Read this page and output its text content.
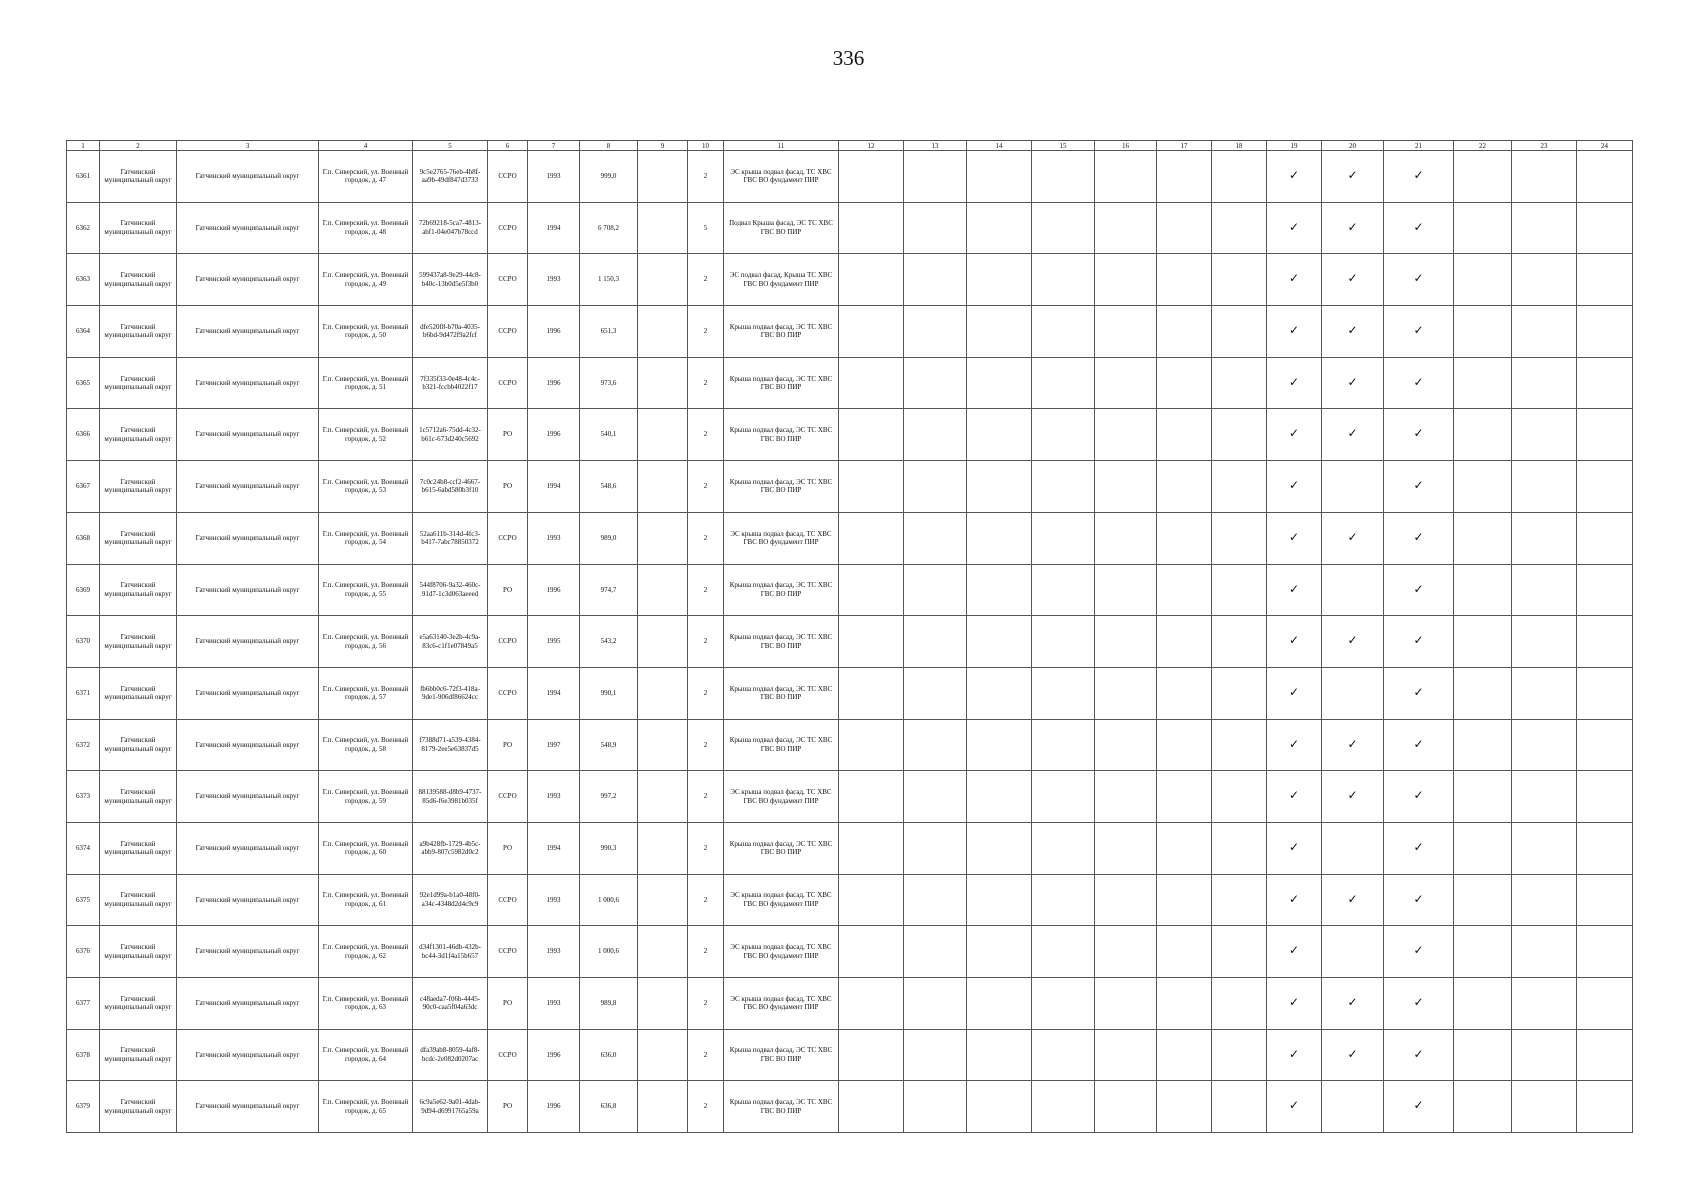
336
1	2	3	4	5	6	7	8	9	10	11	12	13	14	15	16	17	18	19	20	21	22	23	24
6361	Гатчинский муниципальный округ	Гатчинский муниципальный округ	Г.п. Сиверский, ул. Военный городок, д. 47	9c5e2765-76eb-4b8f-aa9b-49df847d3733	ССРО	1993	999,0		2	ЭС крыша подвал фасад, ТС ХВС ГВС ВО фундамент ПИР								✓	✓	✓			
6362	Гатчинский муниципальный округ	Гатчинский муниципальный округ	Г.п. Сиверский, ул. Военный городок, д. 48	72b69218-5ca7-4813-abf1-04e047b78ccd	ССРО	1994	6 708,2		5	Подвал Крыша фасад, ЭС ТС ХВС ГВС ВО ПИР								✓	✓	✓			
6363	Гатчинский муниципальный округ	Гатчинский муниципальный округ	Г.п. Сиверский, ул. Военный городок, д. 49	599437a8-9e29-44c8-b40c-13b0d5e5f3b0	ССРО	1993	1 150,3		2	ЭС подвал фасад, Крыша ТС ХВС ГВС ВО фундамент ПИР								✓	✓	✓			
6364	Гатчинский муниципальный округ	Гатчинский муниципальный округ	Г.п. Сиверский, ул. Военный городок, д. 50	dfe520f8-b70a-4035-b6bd-9d472f9a2fcf	ССРО	1996	651,3		2	Крыша подвал фасад, ЭС ТС ХВС ГВС ВО ПИР								✓	✓	✓			
6365	Гатчинский муниципальный округ	Гатчинский муниципальный округ	Г.п. Сиверский, ул. Военный городок, д. 51	7f335f33-0e48-4c4c-b321-fccbb4022f17	ССРО	1996	973,6		2	Крыша подвал фасад, ЭС ТС ХВС ГВС ВО ПИР								✓	✓	✓			
6366	Гатчинский муниципальный округ	Гатчинский муниципальный округ	Г.п. Сиверский, ул. Военный городок, д. 52	1c5712a6-75dd-4c32-b61c-673d240c5692	РО	1996	540,1		2	Крыша подвал фасад, ЭС ТС ХВС ГВС ВО ПИР								✓	✓	✓			
6367	Гатчинский муниципальный округ	Гатчинский муниципальный округ	Г.п. Сиверский, ул. Военный городок, д. 53	7c0c24b8-ccf2-4667-b615-6abd580b3f10	РО	1994	548,6		2	Крыша подвал фасад, ЭС ТС ХВС ГВС ВО ПИР								✓		✓			
6368	Гатчинский муниципальный округ	Гатчинский муниципальный округ	Г.п. Сиверский, ул. Военный городок, д. 54	52aa611b-314d-4fc3-b417-7abc78850372	ССРО	1993	989,0		2	ЭС крыша подвал фасад, ТС ХВС ГВС ВО фундамент ПИР								✓	✓	✓			
6369	Гатчинский муниципальный округ	Гатчинский муниципальный округ	Г.п. Сиверский, ул. Военный городок, д. 55	544f8706-9a32-460c-91d7-1c3d063aeeed	РО	1996	974,7		2	Крыша подвал фасад, ЭС ТС ХВС ГВС ВО ПИР								✓		✓			
6370	Гатчинский муниципальный округ	Гатчинский муниципальный округ	Г.п. Сиверский, ул. Военный городок, д. 56	e5a63140-3e2b-4c9a-83c6-c1f1e07849a5	ССРО	1995	543,2		2	Крыша подвал фасад, ЭС ТС ХВС ГВС ВО ПИР								✓	✓	✓			
6371	Гатчинский муниципальный округ	Гатчинский муниципальный округ	Г.п. Сиверский, ул. Военный городок, д. 57	fb6bb0c6-72f3-418a-9de1-906df86624cc	ССРО	1994	990,1		2	Крыша подвал фасад, ЭС ТС ХВС ГВС ВО ПИР								✓		✓			
6372	Гатчинский муниципальный округ	Гатчинский муниципальный округ	Г.п. Сиверский, ул. Военный городок, д. 58	f7388d71-a539-4384-8179-2ee5e63837d5	РО	1997	548,9		2	Крыша подвал фасад, ЭС ТС ХВС ГВС ВО ПИР								✓	✓	✓			
6373	Гатчинский муниципальный округ	Гатчинский муниципальный округ	Г.п. Сиверский, ул. Военный городок, д. 59	88139588-d8b9-4737-85d6-f6e3981b035f	ССРО	1993	997,2		2	ЭС крыша подвал фасад, ТС ХВС ГВС ВО фундамент ПИР								✓	✓	✓			
6374	Гатчинский муниципальный округ	Гатчинский муниципальный округ	Г.п. Сиверский, ул. Военный городок, д. 60	a9b428fb-1729-4b5c-abb9-807c5982d0c2	РО	1994	990,3		2	Крыша подвал фасад, ЭС ТС ХВС ГВС ВО ПИР								✓		✓			
6375	Гатчинский муниципальный округ	Гатчинский муниципальный округ	Г.п. Сиверский, ул. Военный городок, д. 61	92e1d99a-b1a0-48f0-a34c-4348d2d4c9c9	ССРО	1993	1 000,6		2	ЭС крыша подвал фасад, ТС ХВС ГВС ВО фундамент ПИР								✓	✓	✓			
6376	Гатчинский муниципальный округ	Гатчинский муниципальный округ	Г.п. Сиверский, ул. Военный городок, д. 62	d34f1301-46db-432b-bc44-3d1f4a15b657	ССРО	1993	1 000,6		2	ЭС крыша подвал фасад, ТС ХВС ГВС ВО фундамент ПИР								✓		✓			
6377	Гатчинский муниципальный округ	Гатчинский муниципальный округ	Г.п. Сиверский, ул. Военный городок, д. 63	c48aeda7-f06b-4445-90c0-caa5f04a63dc	РО	1993	989,8		2	ЭС крыша подвал фасад, ТС ХВС ГВС ВО фундамент ПИР								✓	✓	✓			
6378	Гатчинский муниципальный округ	Гатчинский муниципальный округ	Г.п. Сиверский, ул. Военный городок, д. 64	dfa39ab8-8059-4af8-bcdc-2e082d0207ac	ССРО	1996	636,0		2	Крыша подвал фасад, ЭС ТС ХВС ГВС ВО ПИР								✓	✓	✓			
6379	Гатчинский муниципальный округ	Гатчинский муниципальный округ	Г.п. Сиверский, ул. Военный городок, д. 65	6c9a5e62-9a01-4dab-9d94-d6991765a59a	РО	1996	636,8		2	Крыша подвал фасад, ЭС ТС ХВС ГВС ВО ПИР								✓		✓			
